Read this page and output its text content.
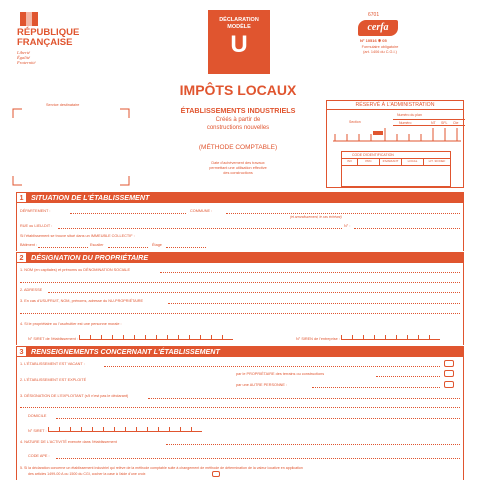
RÉPUBLIQUE
FRANÇAISE
Liberté
Égalité
Fraternité
DÉCLARATION
MODÈLE
U
6701
cerfa
N° 10516 ✱ 05
Formulaire obligatoire
(art. 1406 du C.G.I.)
IMPÔTS LOCAUX
ÉTABLISSEMENTS INDUSTRIELS
Créés à partir de
constructions nouvelles
(MÉTHODE COMPTABLE)
Date d'achèvement des travaux
permettant une utilisation effective
des constructions
Service destinataire	RÉSERVÉ À L'ADMINISTRATION
Numéro du plan
Section	Numéro	NT SFL Cte
CODE D'IDENTIFICATION
INV	PRC	INVARIANT	LOCAL	LIT. 30 IDEF
1 SITUATION DE L'ÉTABLISSEMENT
DÉPARTEMENT :	COMMUNE :
(et arrondissement, le cas échéant)
RUE ou LIEU-DIT :	N° :
Si l'établissement se trouve situé dans un IMMEUBLE COLLECTIF :
Bâtiment :	Escalier	Étage
2 DÉSIGNATION DU PROPRIÉTAIRE
1. NOM (en capitales) et prénoms ou DÉNOMINATION SOCIALE
2. ADRESSE
3. En cas d'USUFRUIT, NOM, prénoms, adresse du NU-PROPRIÉTAIRE
4. Si le propriétaire ou l'usufruitier est une personne morale :
N° SIRET de l'établissement :	N° SIREN de l'entreprise :
3 RENSEIGNEMENTS CONCERNANT L'ÉTABLISSEMENT
1. L'ÉTABLISSEMENT EST VACANT :
2. L'ÉTABLISSEMENT EST EXPLOITÉ
par le PROPRIÉTAIRE des terrains ou constructions
par une AUTRE PERSONNE :
3. DÉSIGNATION DE L'EXPLOITANT (s'il n'est pas le déclarant)
DOMICILE
N° SIRET :
4. NATURE DE L'ACTIVITÉ exercée dans l'établissement
CODE APE :
5. Si la déclaration concerne un établissement industriel qui relève de la méthode comptable suite à changement de méthode de détermination de la valeur locative en application
des articles 1499-00 A ou 1500 du CGI, cocher la case à l'aide d'une croix
